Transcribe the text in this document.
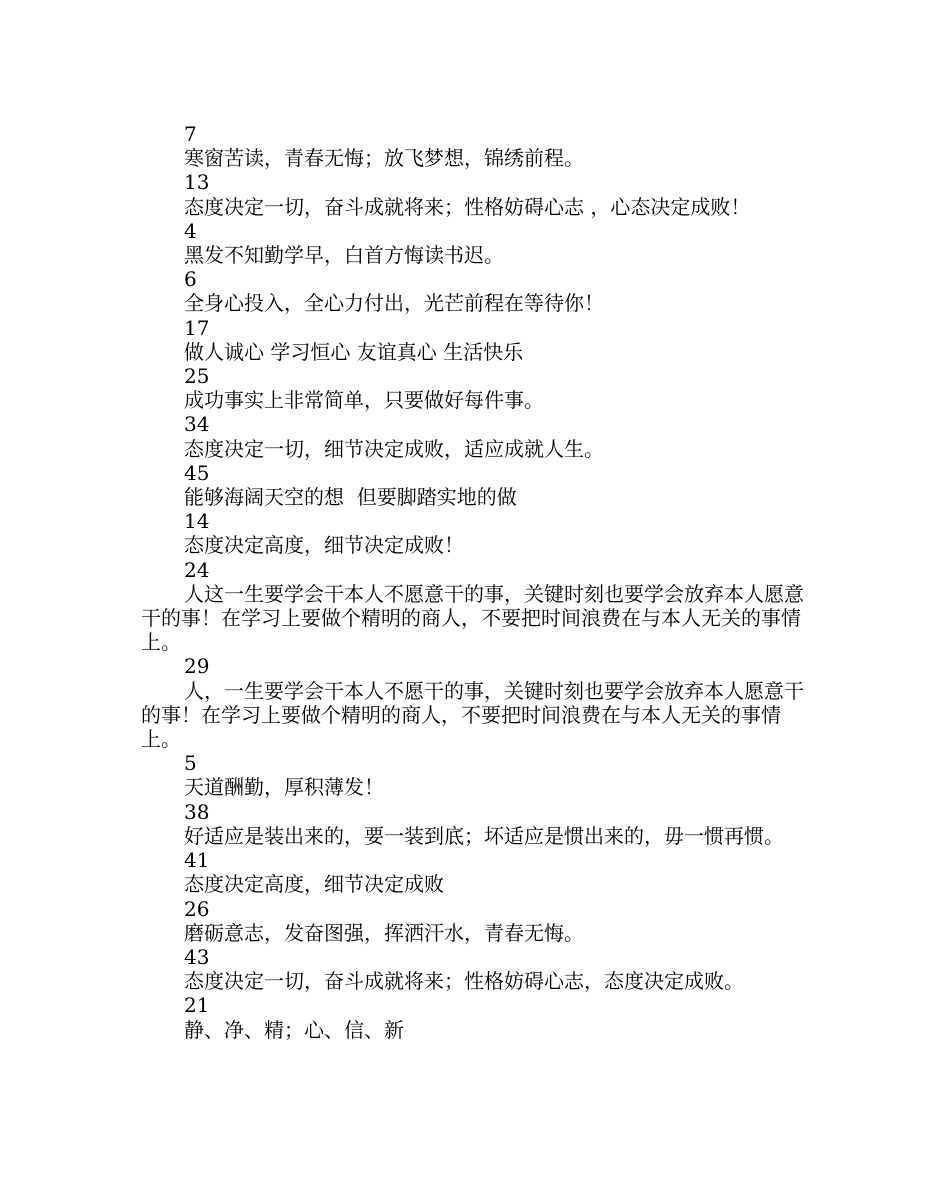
7
寒窗苦读，青春无悔；放飞梦想，锦绣前程。
13
态度决定一切，奋斗成就将来；性格妨碍心志 ，心态决定成败！
4
黑发不知勤学早，白首方悔读书迟。
6
全身心投入，全心力付出，光芒前程在等待你！
17
做人诚心 学习恒心 友谊真心 生活快乐
25
成功事实上非常简单，只要做好每件事。
34
态度决定一切，细节决定成败，适应成就人生。
45
能够海阔天空的想  但要脚踏实地的做
14
态度决定高度，细节决定成败！
24
人这一生要学会干本人不愿意干的事，关键时刻也要学会放弃本人愿意干的事！在学习上要做个精明的商人，不要把时间浪费在与本人无关的事情上。
29
人，一生要学会干本人不愿干的事，关键时刻也要学会放弃本人愿意干的事！在学习上要做个精明的商人，不要把时间浪费在与本人无关的事情上。
5
天道酬勤，厚积薄发！
38
好适应是装出来的，要一装到底；坏适应是惯出来的，毋一惯再惯。
41
态度决定高度，细节决定成败
26
磨砺意志，发奋图强，挥洒汗水，青春无悔。
43
态度决定一切，奋斗成就将来；性格妨碍心志，态度决定成败。
21
静、净、精；心、信、新
